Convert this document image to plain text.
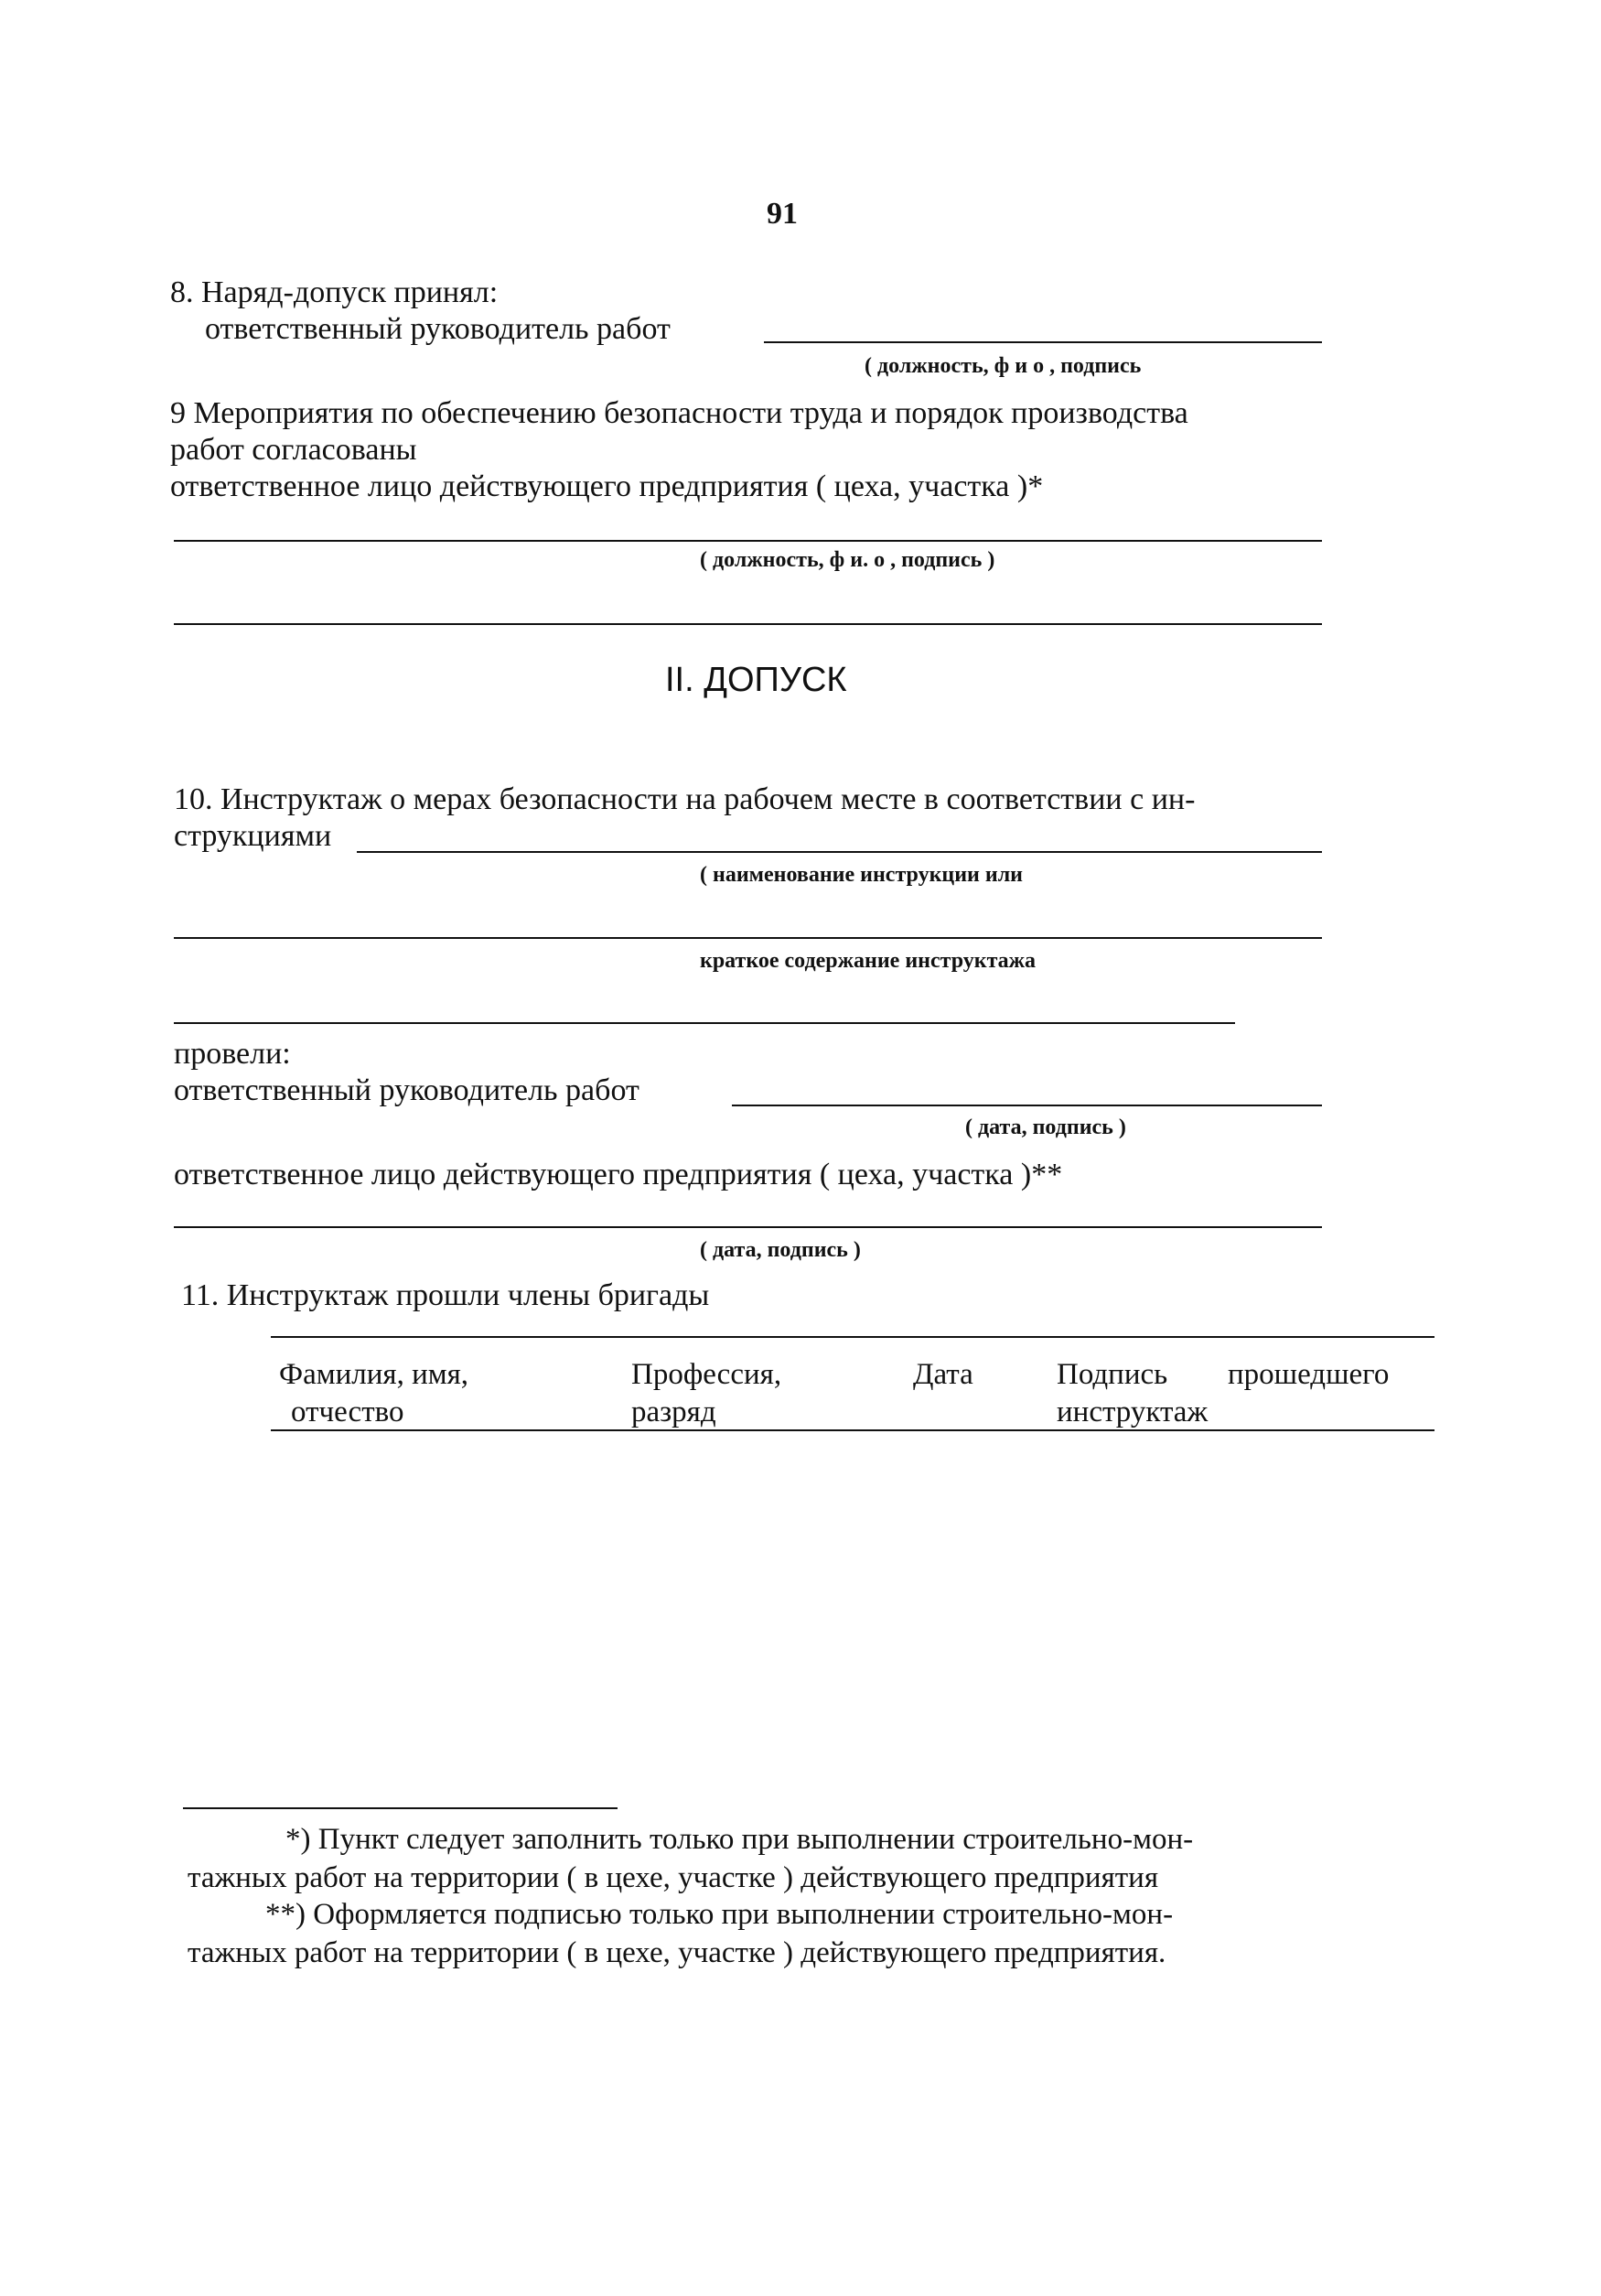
91
8. Наряд-допуск принял:
ответственный руководитель работ
( должность, ф и о , подпись
9 Мероприятия по обеспечению безопасности труда и порядок производства
работ согласованы
ответственное лицо действующего предприятия ( цеха, участка )*
( должность, ф и. о , подпись )
II. ДОПУСК
10. Инструктаж о мерах безопасности на рабочем месте в соответствии с ин-
струкциями
( наименование инструкции или
краткое содержание инструктажа
провели:
ответственный руководитель работ
( дата, подпись )
ответственное лицо действующего предприятия ( цеха, участка )**
( дата, подпись )
11. Инструктаж прошли члены бригады
Фамилия, имя,
отчество
Профессия,
разряд
Дата	Подпись прошедшего
инструктаж
*) Пункт следует заполнить только при выполнении строительно-мон-
тажных работ на территории ( в цехе, участке ) действующего предприятия
**) Оформляется подписью только при выполнении строительно-мон-
тажных работ на территории ( в цехе, участке ) действующего предприятия.
